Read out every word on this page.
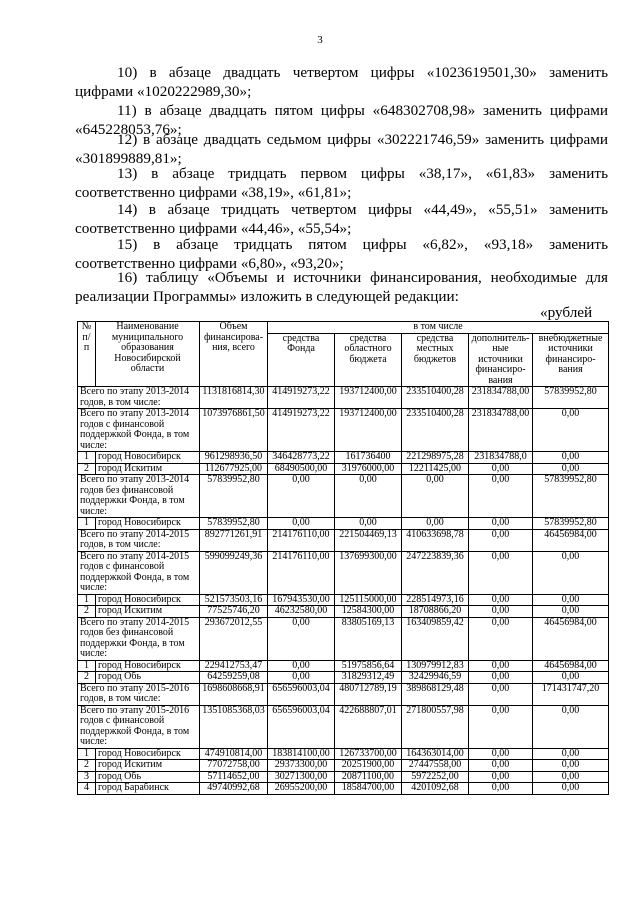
3
10) в абзаце двадцать четвертом цифры «1023619501,30» заменить цифрами «1020222989,30»;
11) в абзаце двадцать пятом цифры «648302708,98» заменить цифрами «645228053,76»;
12) в абзаце двадцать седьмом цифры «302221746,59» заменить цифрами «301899889,81»;
13) в абзаце тридцать первом цифры «38,17», «61,83» заменить соответственно цифрами «38,19», «61,81»;
14) в абзаце тридцать четвертом цифры «44,49», «55,51» заменить соответственно цифрами «44,46», «55,54»;
15) в абзаце тридцать пятом цифры «6,82», «93,18» заменить соответственно цифрами «6,80», «93,20»;
16) таблицу «Объемы и источники финансирования, необходимые для реализации Программы» изложить в следующей редакции:
«рублей
№ п/п	Наименование муниципального образования Новосибирской области	Объем финансирова-ния, всего	в том числе				
			средства Фонда	средства областного бюджета	средства местных бюджетов	дополнитель-ные источники финансиро-вания	внебюджетные источники финансиро-вания
Всего по этапу 2013-2014 годов, в том числе:		1131816814,30	414919273,22	193712400,00	233510400,28	231834788,00	57839952,80
Всего по этапу 2013-2014 годов с финансовой поддержкой Фонда, в том числе:		1073976861,50	414919273,22	193712400,00	233510400,28	231834788,00	0,00
1	город Новосибирск	961298936,50	346428773,22	161736400	221298975,28	231834788,0	0,00
2	город Искитим	112677925,00	68490500,00	31976000,00	12211425,00	0,00	0,00
Всего по этапу 2013-2014 годов без финансовой поддержки Фонда, в том числе:		57839952,80	0,00	0,00	0,00	0,00	57839952,80
1	город Новосибирск	57839952,80	0,00	0,00	0,00	0,00	57839952,80
Всего по этапу 2014-2015 годов, в том числе:		892771261,91	214176110,00	221504469,13	410633698,78	0,00	46456984,00
Всего по этапу 2014-2015 годов с финансовой поддержкой Фонда, в том числе:		599099249,36	214176110,00	137699300,00	247223839,36	0,00	0,00
1	город Новосибирск	521573503,16	167943530,00	125115000,00	228514973,16	0,00	0,00
2	город Искитим	77525746,20	46232580,00	12584300,00	18708866,20	0,00	0,00
Всего по этапу 2014-2015 годов без финансовой поддержки Фонда, в том числе:		293672012,55	0,00	83805169,13	163409859,42	0,00	46456984,00
1	город Новосибирск	229412753,47	0,00	51975856,64	130979912,83	0,00	46456984,00
2	город Обь	64259259,08	0,00	31829312,49	32429946,59	0,00	0,00
Всего по этапу 2015-2016 годов, в том числе:		1698608668,91	656596003,04	480712789,19	389868129,48	0,00	171431747,20
Всего по этапу 2015-2016 годов с финансовой поддержкой Фонда, в том числе:		1351085368,03	656596003,04	422688807,01	271800557,98	0,00	0,00
1	город Новосибирск	474910814,00	183814100,00	126733700,00	164363014,00	0,00	0,00
2	город Искитим	77072758,00	29373300,00	20251900,00	27447558,00	0,00	0,00
3	город Обь	57114652,00	30271300,00	20871100,00	5972252,00	0,00	0,00
4	город Барабинск	49740992,68	26955200,00	18584700,00	4201092,68	0,00	0,00
